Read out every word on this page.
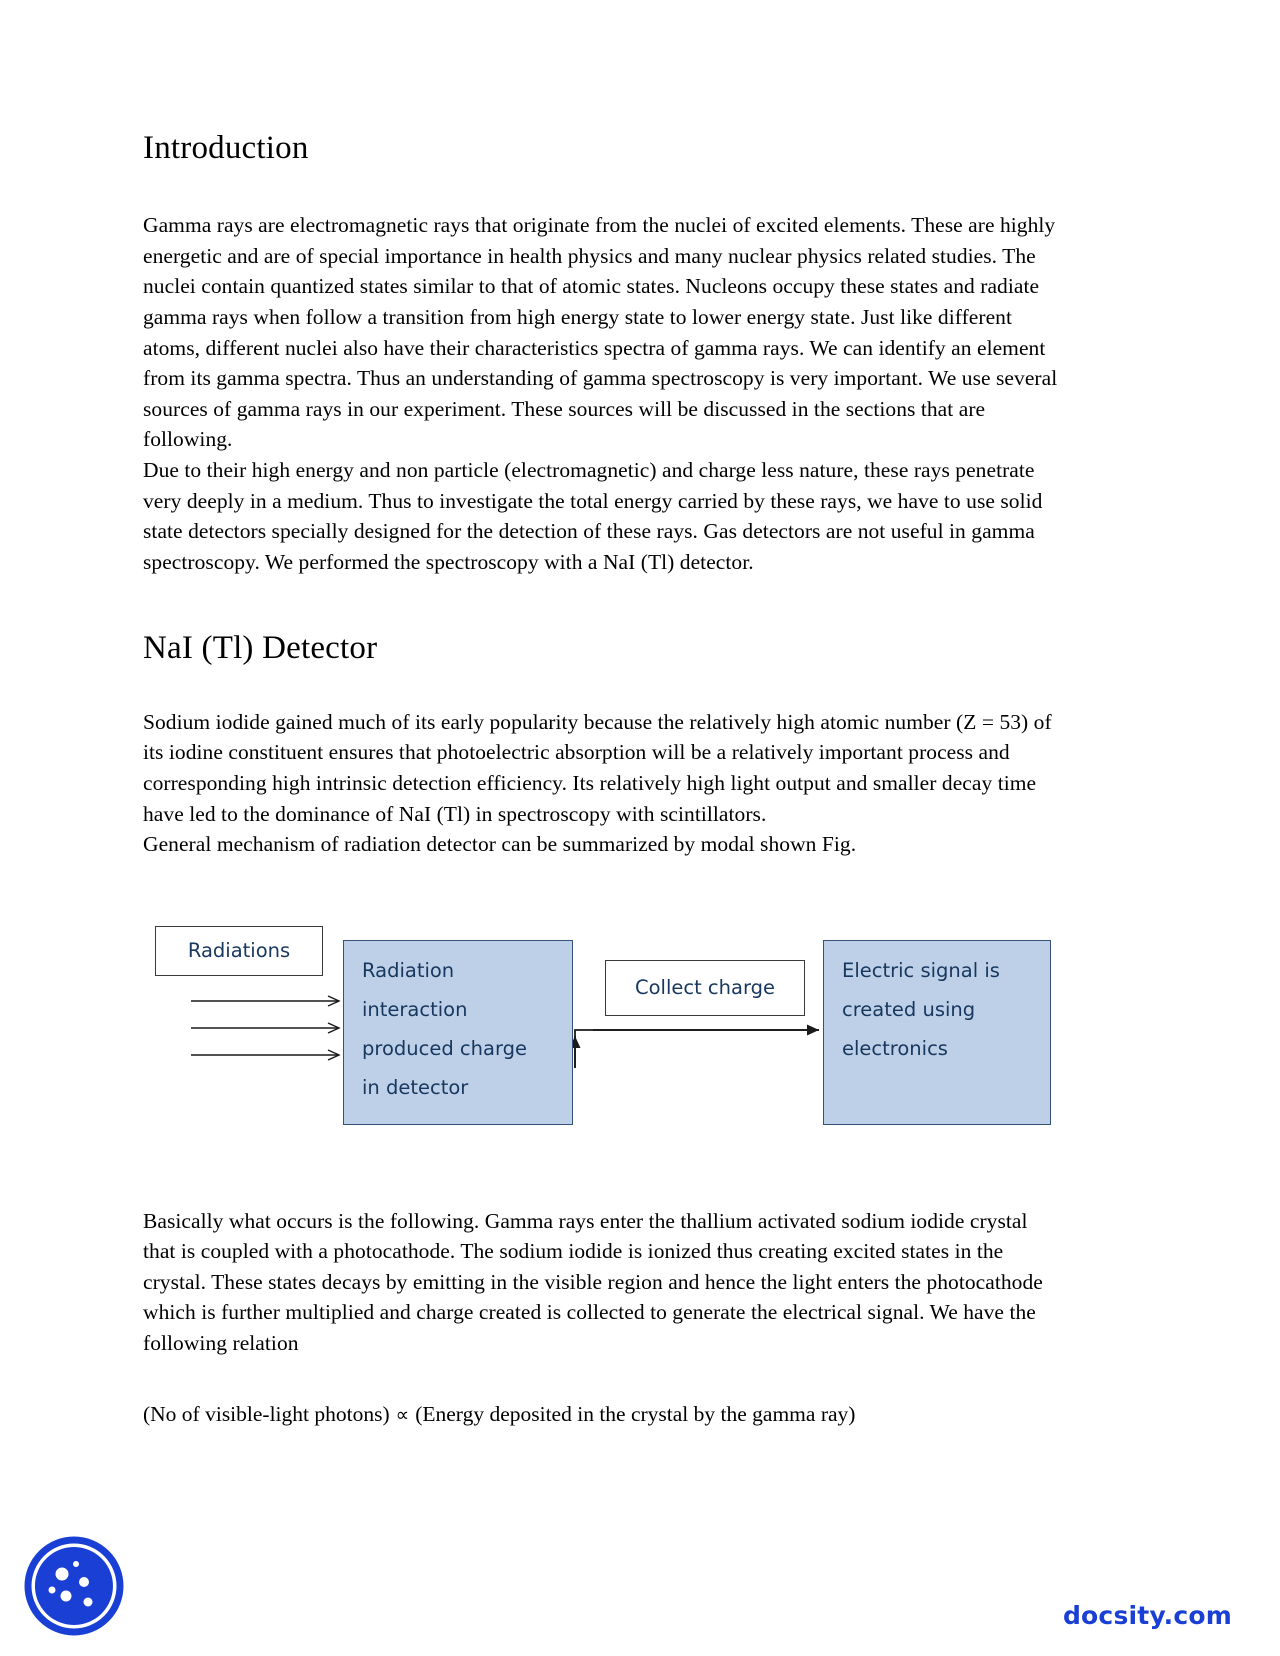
Introduction

Gamma rays are electromagnetic rays that originate from the nuclei of excited elements. These are highly energetic and are of special importance in health physics and many nuclear physics related studies. The nuclei contain quantized states similar to that of atomic states. Nucleons occupy these states and radiate gamma rays when follow a transition from high energy state to lower energy state. Just like different atoms, different nuclei also have their characteristics spectra of gamma rays. We can identify an element from its gamma spectra. Thus an understanding of gamma spectroscopy is very important. We use several sources of gamma rays in our experiment. These sources will be discussed in the sections that are following.

Due to their high energy and non particle (electromagnetic) and charge less nature, these rays penetrate very deeply in a medium. Thus to investigate the total energy carried by these rays, we have to use solid state detectors specially designed for the detection of these rays. Gas detectors are not useful in gamma spectroscopy. We performed the spectroscopy with a NaI (Tl) detector.

NaI (Tl) Detector

Sodium iodide gained much of its early popularity because the relatively high atomic number (Z = 53) of its iodine constituent ensures that photoelectric absorption will be a relatively important process and corresponding high intrinsic detection efficiency. Its relatively high light output and smaller decay time have led to the dominance of NaI (Tl) in spectroscopy with scintillators.

General mechanism of radiation detector can be summarized by modal shown Fig.

Radiations
Radiation
interaction
produced charge
in detector
Collect charge
Electric signal is
created using
electronics

Basically what occurs is the following. Gamma rays enter the thallium activated sodium iodide crystal that is coupled with a photocathode. The sodium iodide is ionized thus creating excited states in the crystal. These states decays by emitting in the visible region and hence the light enters the photocathode which is further multiplied and charge created is collected to generate the electrical signal. We have the following relation

(No of visible-light photons) ∝ (Energy deposited in the crystal by the gamma ray)

docsity.com
